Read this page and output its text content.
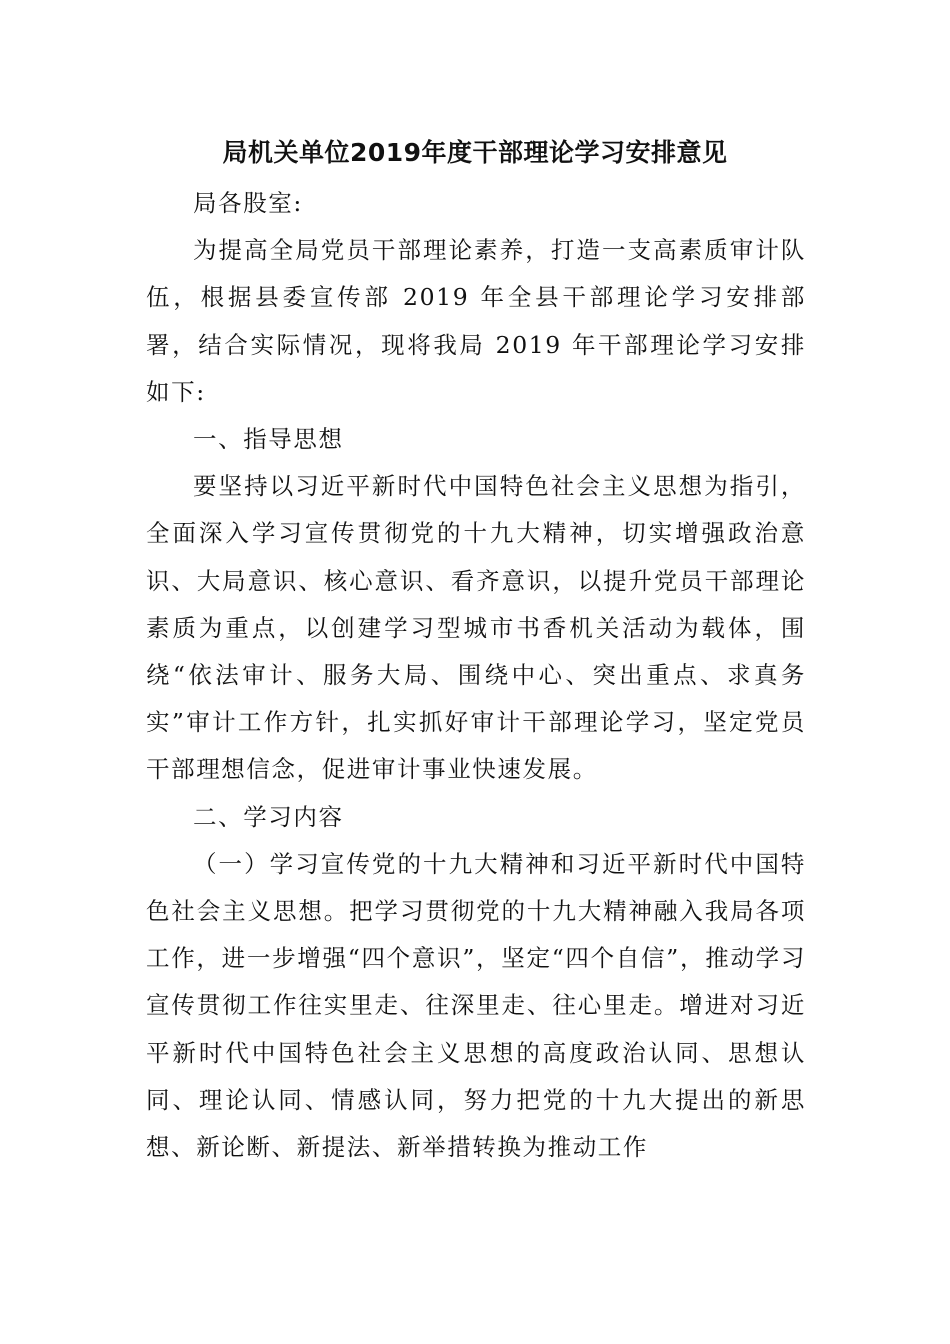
局机关单位2019年度干部理论学习安排意见

局各股室:

为提高全局党员干部理论素养，打造一支高素质审计队伍，根据县委宣传部 2019 年全县干部理论学习安排部署，结合实际情况，现将我局 2019 年干部理论学习安排如下:

一、指导思想

要坚持以习近平新时代中国特色社会主义思想为指引，全面深入学习宣传贯彻党的十九大精神，切实增强政治意识、大局意识、核心意识、看齐意识，以提升党员干部理论素质为重点，以创建学习型城市书香机关活动为载体，围绕“依法审计、服务大局、围绕中心、突出重点、求真务实”审计工作方针，扎实抓好审计干部理论学习，坚定党员干部理想信念，促进审计事业快速发展。

二、学习内容

（一）学习宣传党的十九大精神和习近平新时代中国特色社会主义思想。把学习贯彻党的十九大精神融入我局各项工作，进一步增强“四个意识”，坚定“四个自信”，推动学习宣传贯彻工作往实里走、往深里走、往心里走。增进对习近平新时代中国特色社会主义思想的高度政治认同、思想认同、理论认同、情感认同，努力把党的十九大提出的新思想、新论断、新提法、新举措转换为推动工作
